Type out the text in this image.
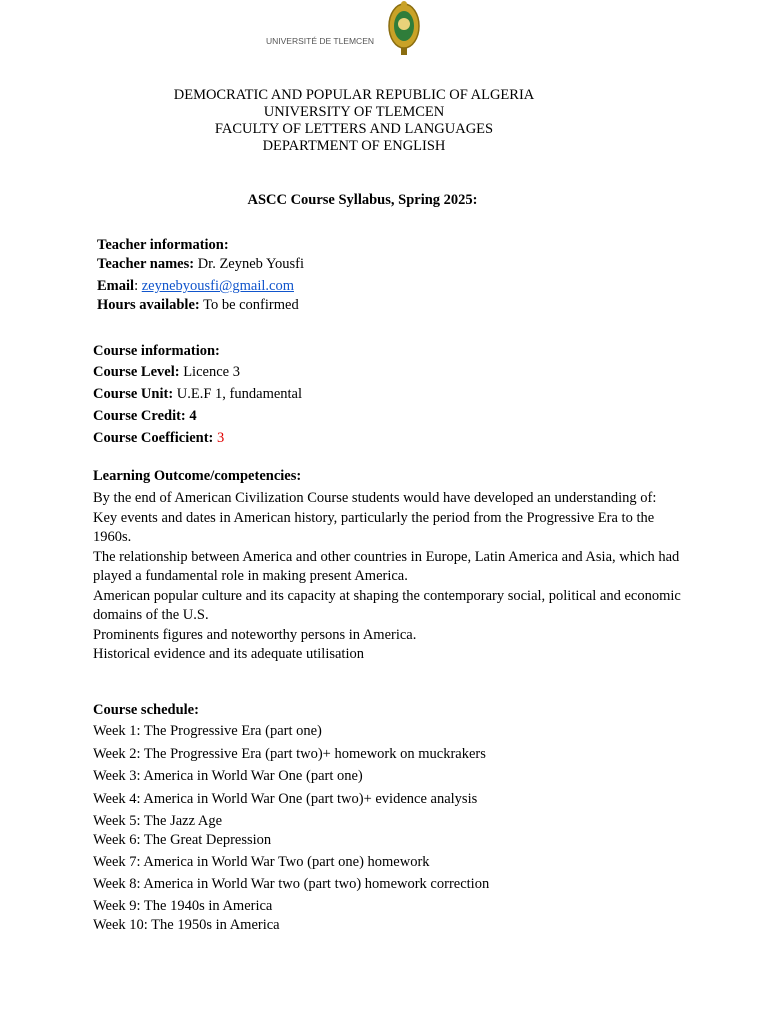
UNIVERSITÉ DE TLEMCEN
DEMOCRATIC AND POPULAR REPUBLIC OF ALGERIA
UNIVERSITY OF TLEMCEN
FACULTY OF LETTERS AND LANGUAGES
DEPARTMENT OF ENGLISH
ASCC Course Syllabus, Spring 2025:
Teacher information:
Teacher names: Dr. Zeyneb Yousfi
Email: zeynebyousfi@gmail.com
Hours available: To be confirmed
Course information:
Course Level: Licence 3
Course Unit: U.E.F 1, fundamental
Course Credit: 4
Course Coefficient: 3
Learning Outcome/competencies:
By the end of American Civilization Course students would have developed an understanding of:
Key events and dates in American history, particularly the period from the Progressive Era to the 1960s.
The relationship between America and other countries in Europe, Latin America and Asia, which had played a fundamental role in making present America.
American popular culture and its capacity at shaping the contemporary social, political and economic domains of the U.S.
Prominents figures and noteworthy persons in America.
Historical evidence and its adequate utilisation
Course schedule:
Week 1: The Progressive Era (part one)
Week 2: The Progressive Era (part two)+ homework on muckrakers
Week 3: America in World War One (part one)
Week 4: America in World War One (part two)+ evidence analysis
Week 5: The Jazz Age
Week 6: The Great Depression
Week 7: America in World War Two (part one) homework
Week 8: America in World War two (part two) homework correction
Week 9: The 1940s in America
Week 10: The 1950s in America
